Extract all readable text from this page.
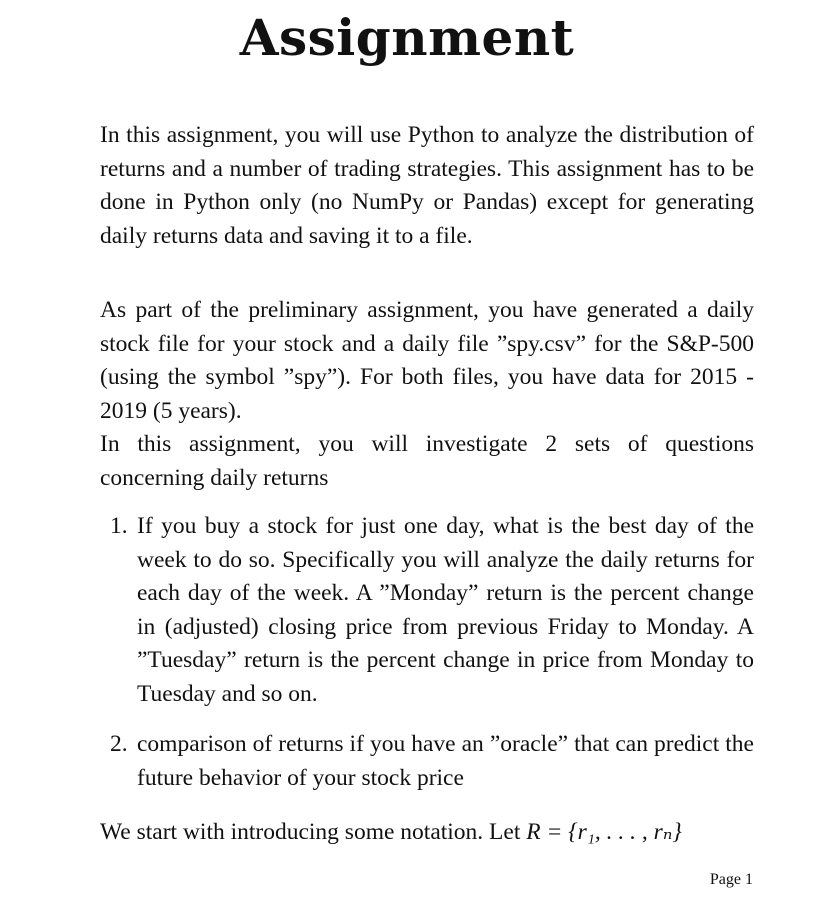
Assignment

In this assignment, you will use Python to analyze the distribution of returns and a number of trading strategies. This assignment has to be done in Python only (no NumPy or Pandas) except for generating daily returns data and saving it to a file.

As part of the preliminary assignment, you have generated a daily stock file for your stock and a daily file ”spy.csv” for the S&P-500 (using the symbol ”spy”). For both files, you have data for 2015 - 2019 (5 years).

In this assignment, you will investigate 2 sets of questions concerning daily returns

1. If you buy a stock for just one day, what is the best day of the week to do so. Specifically you will analyze the daily returns for each day of the week. A ”Monday” return is the percent change in (adjusted) closing price from previous Friday to Monday. A ”Tuesday” return is the percent change in price from Monday to Tuesday and so on.

2. comparison of returns if you have an ”oracle” that can predict the future behavior of your stock price

We start with introducing some notation. Let R = {r₁, . . . , rₙ}

Page 1
